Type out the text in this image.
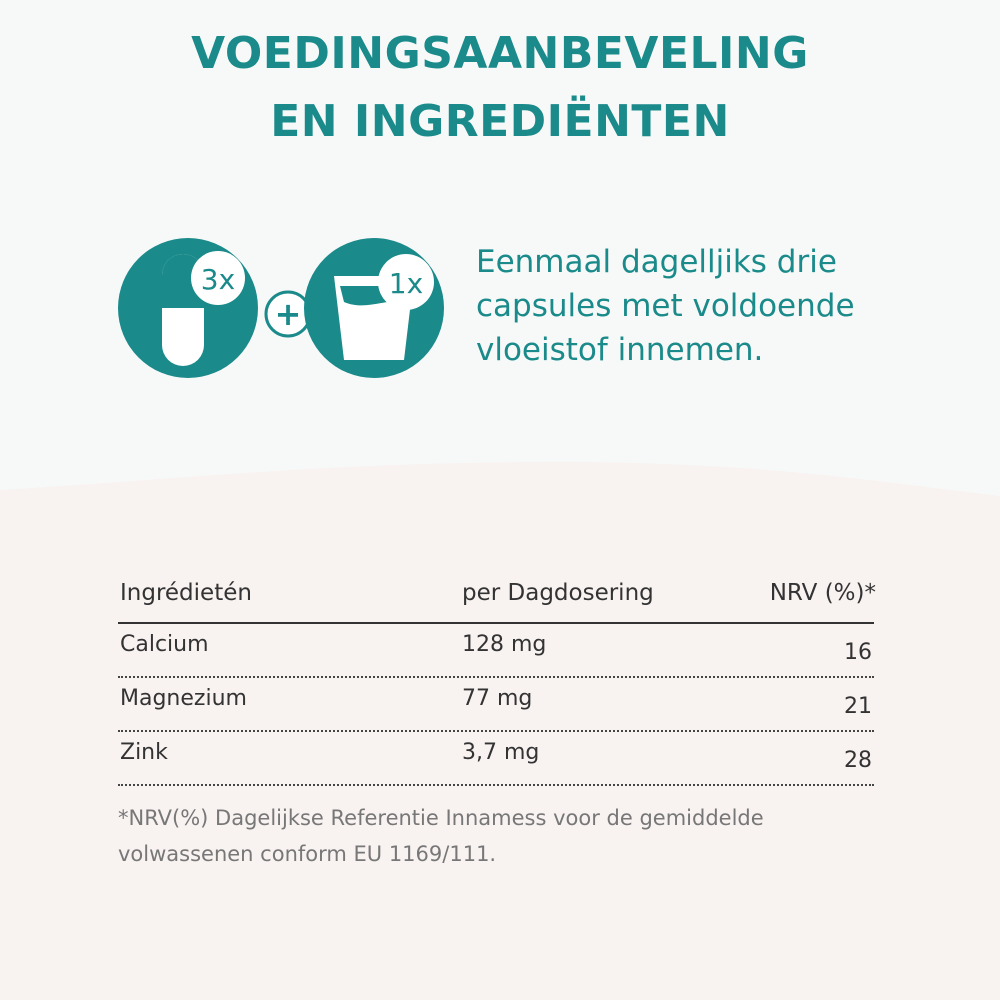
VOEDINGSAANBEVELING
EN INGREDIËNTEN
3x
+
1x
Eenmaal dagelljiks drie
capsules met voldoende
vloeistof innemen.
Ingrédietén	per Dagdosering	NRV (%)*
Calcium	128 mg	16
Magnezium	77 mg	21
Zink	3,7 mg	28
*NRV(%) Dagelijkse Referentie Innamess voor de gemiddelde
volwassenen conform EU 1169/111.
